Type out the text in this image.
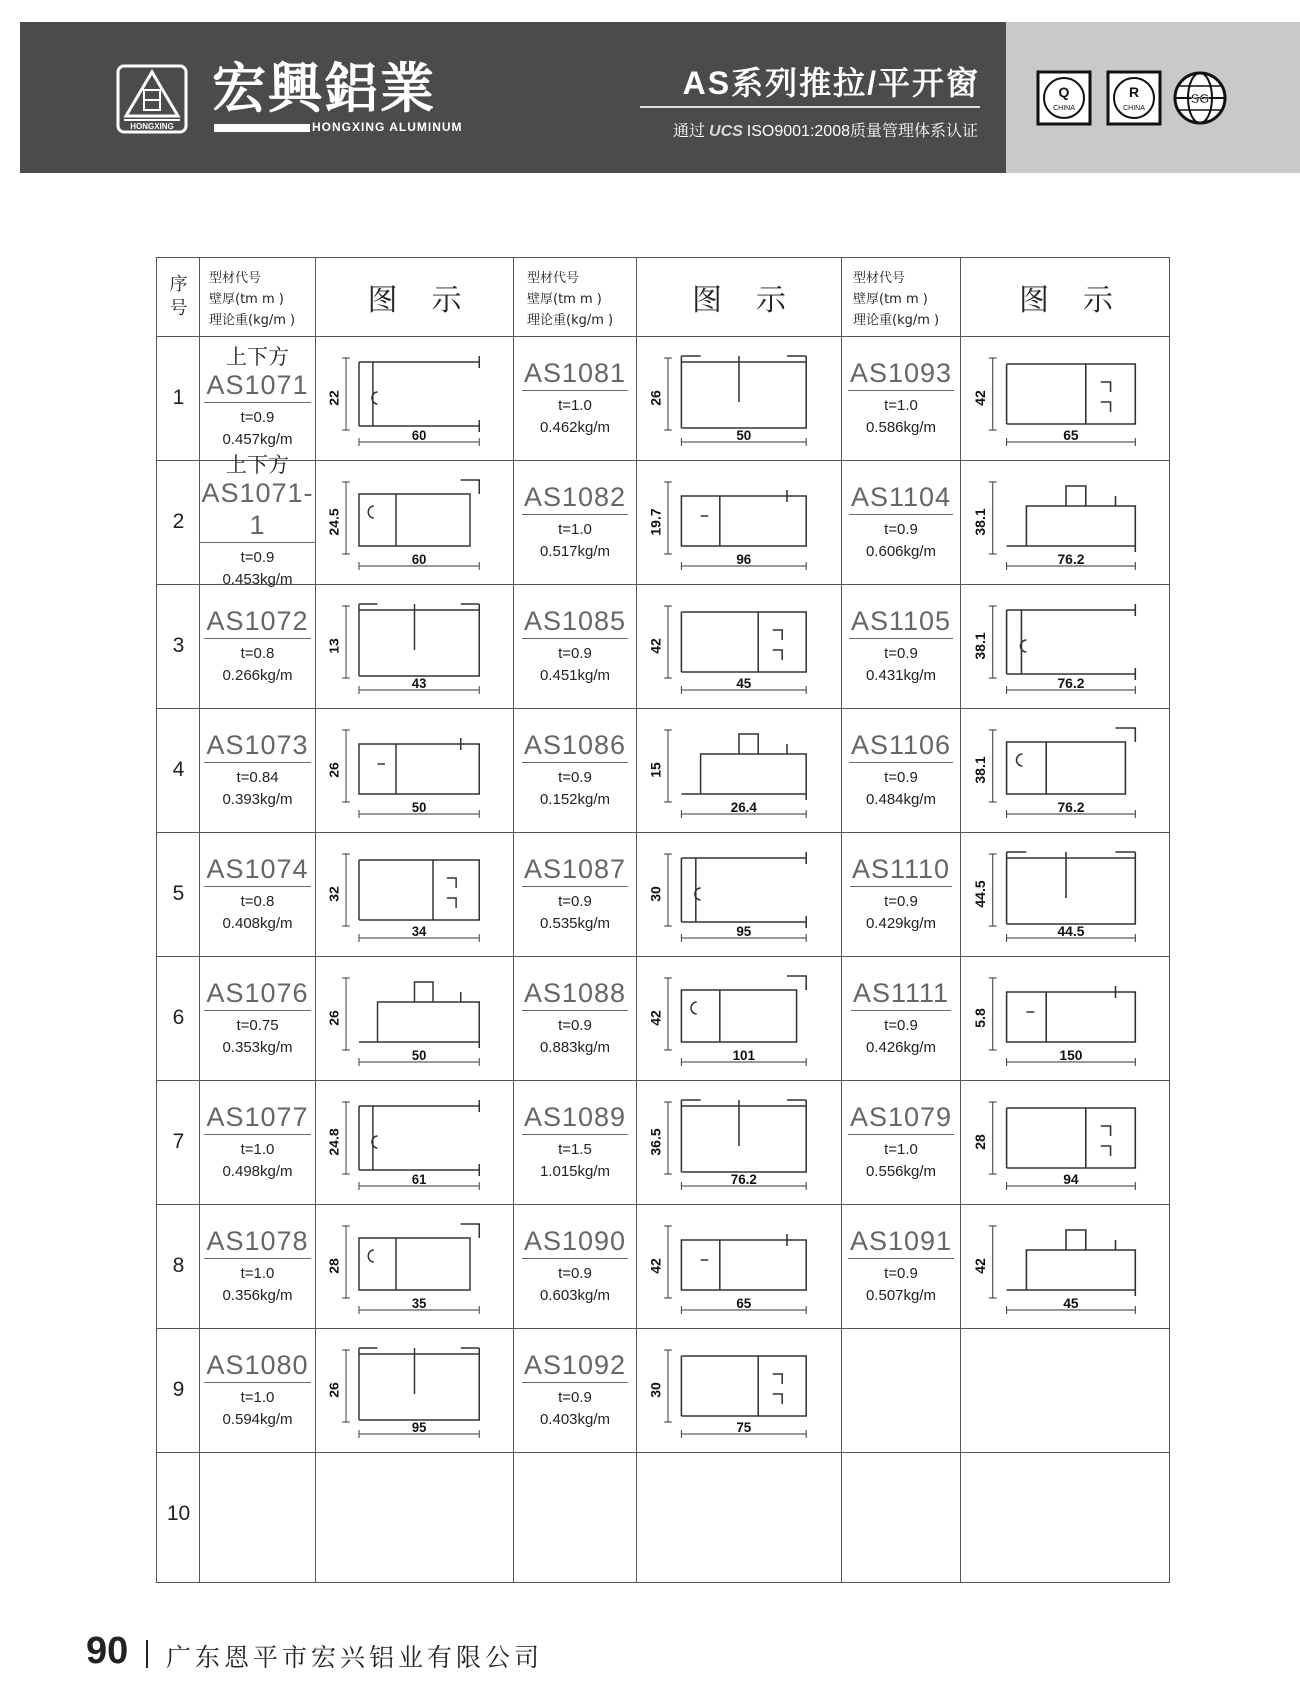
HONGXING
宏興鋁業
HONGXING ALUMINUM
AS系列推拉/平开窗
通过 UCS ISO9001:2008质量管理体系认证
Q
CHINA
R
CHINA
SG
序
号
型材代号
壁厚(tm m )
理论重(kg/m )
图示
型材代号
壁厚(tm m )
理论重(kg/m )
图示
型材代号
壁厚(tm m )
理论重(kg/m )
图示
1
上下方
AS1071
t=0.9
0.457kg/m
22
60
AS1081
t=1.0
0.462kg/m
26
50
AS1093
t=1.0
0.586kg/m
42
65
2
上下方
AS1071-1
t=0.9
0.453kg/m
24.5
60
AS1082
t=1.0
0.517kg/m
19.7
96
AS1104
t=0.9
0.606kg/m
38.1
76.2
3
AS1072
t=0.8
0.266kg/m
13
43
AS1085
t=0.9
0.451kg/m
42
45
AS1105
t=0.9
0.431kg/m
38.1
76.2
4
AS1073
t=0.84
0.393kg/m
26
50
AS1086
t=0.9
0.152kg/m
15
26.4
AS1106
t=0.9
0.484kg/m
38.1
76.2
5
AS1074
t=0.8
0.408kg/m
32
34
AS1087
t=0.9
0.535kg/m
30
95
AS1110
t=0.9
0.429kg/m
44.5
44.5
6
AS1076
t=0.75
0.353kg/m
26
50
AS1088
t=0.9
0.883kg/m
42
101
AS1111
t=0.9
0.426kg/m
5.8
150
7
AS1077
t=1.0
0.498kg/m
24.8
61
AS1089
t=1.5
1.015kg/m
36.5
76.2
AS1079
t=1.0
0.556kg/m
28
94
8
AS1078
t=1.0
0.356kg/m
28
35
AS1090
t=0.9
0.603kg/m
42
65
AS1091
t=0.9
0.507kg/m
42
45
9
AS1080
t=1.0
0.594kg/m
26
95
AS1092
t=0.9
0.403kg/m
30
75
10
90 广东恩平市宏兴铝业有限公司
